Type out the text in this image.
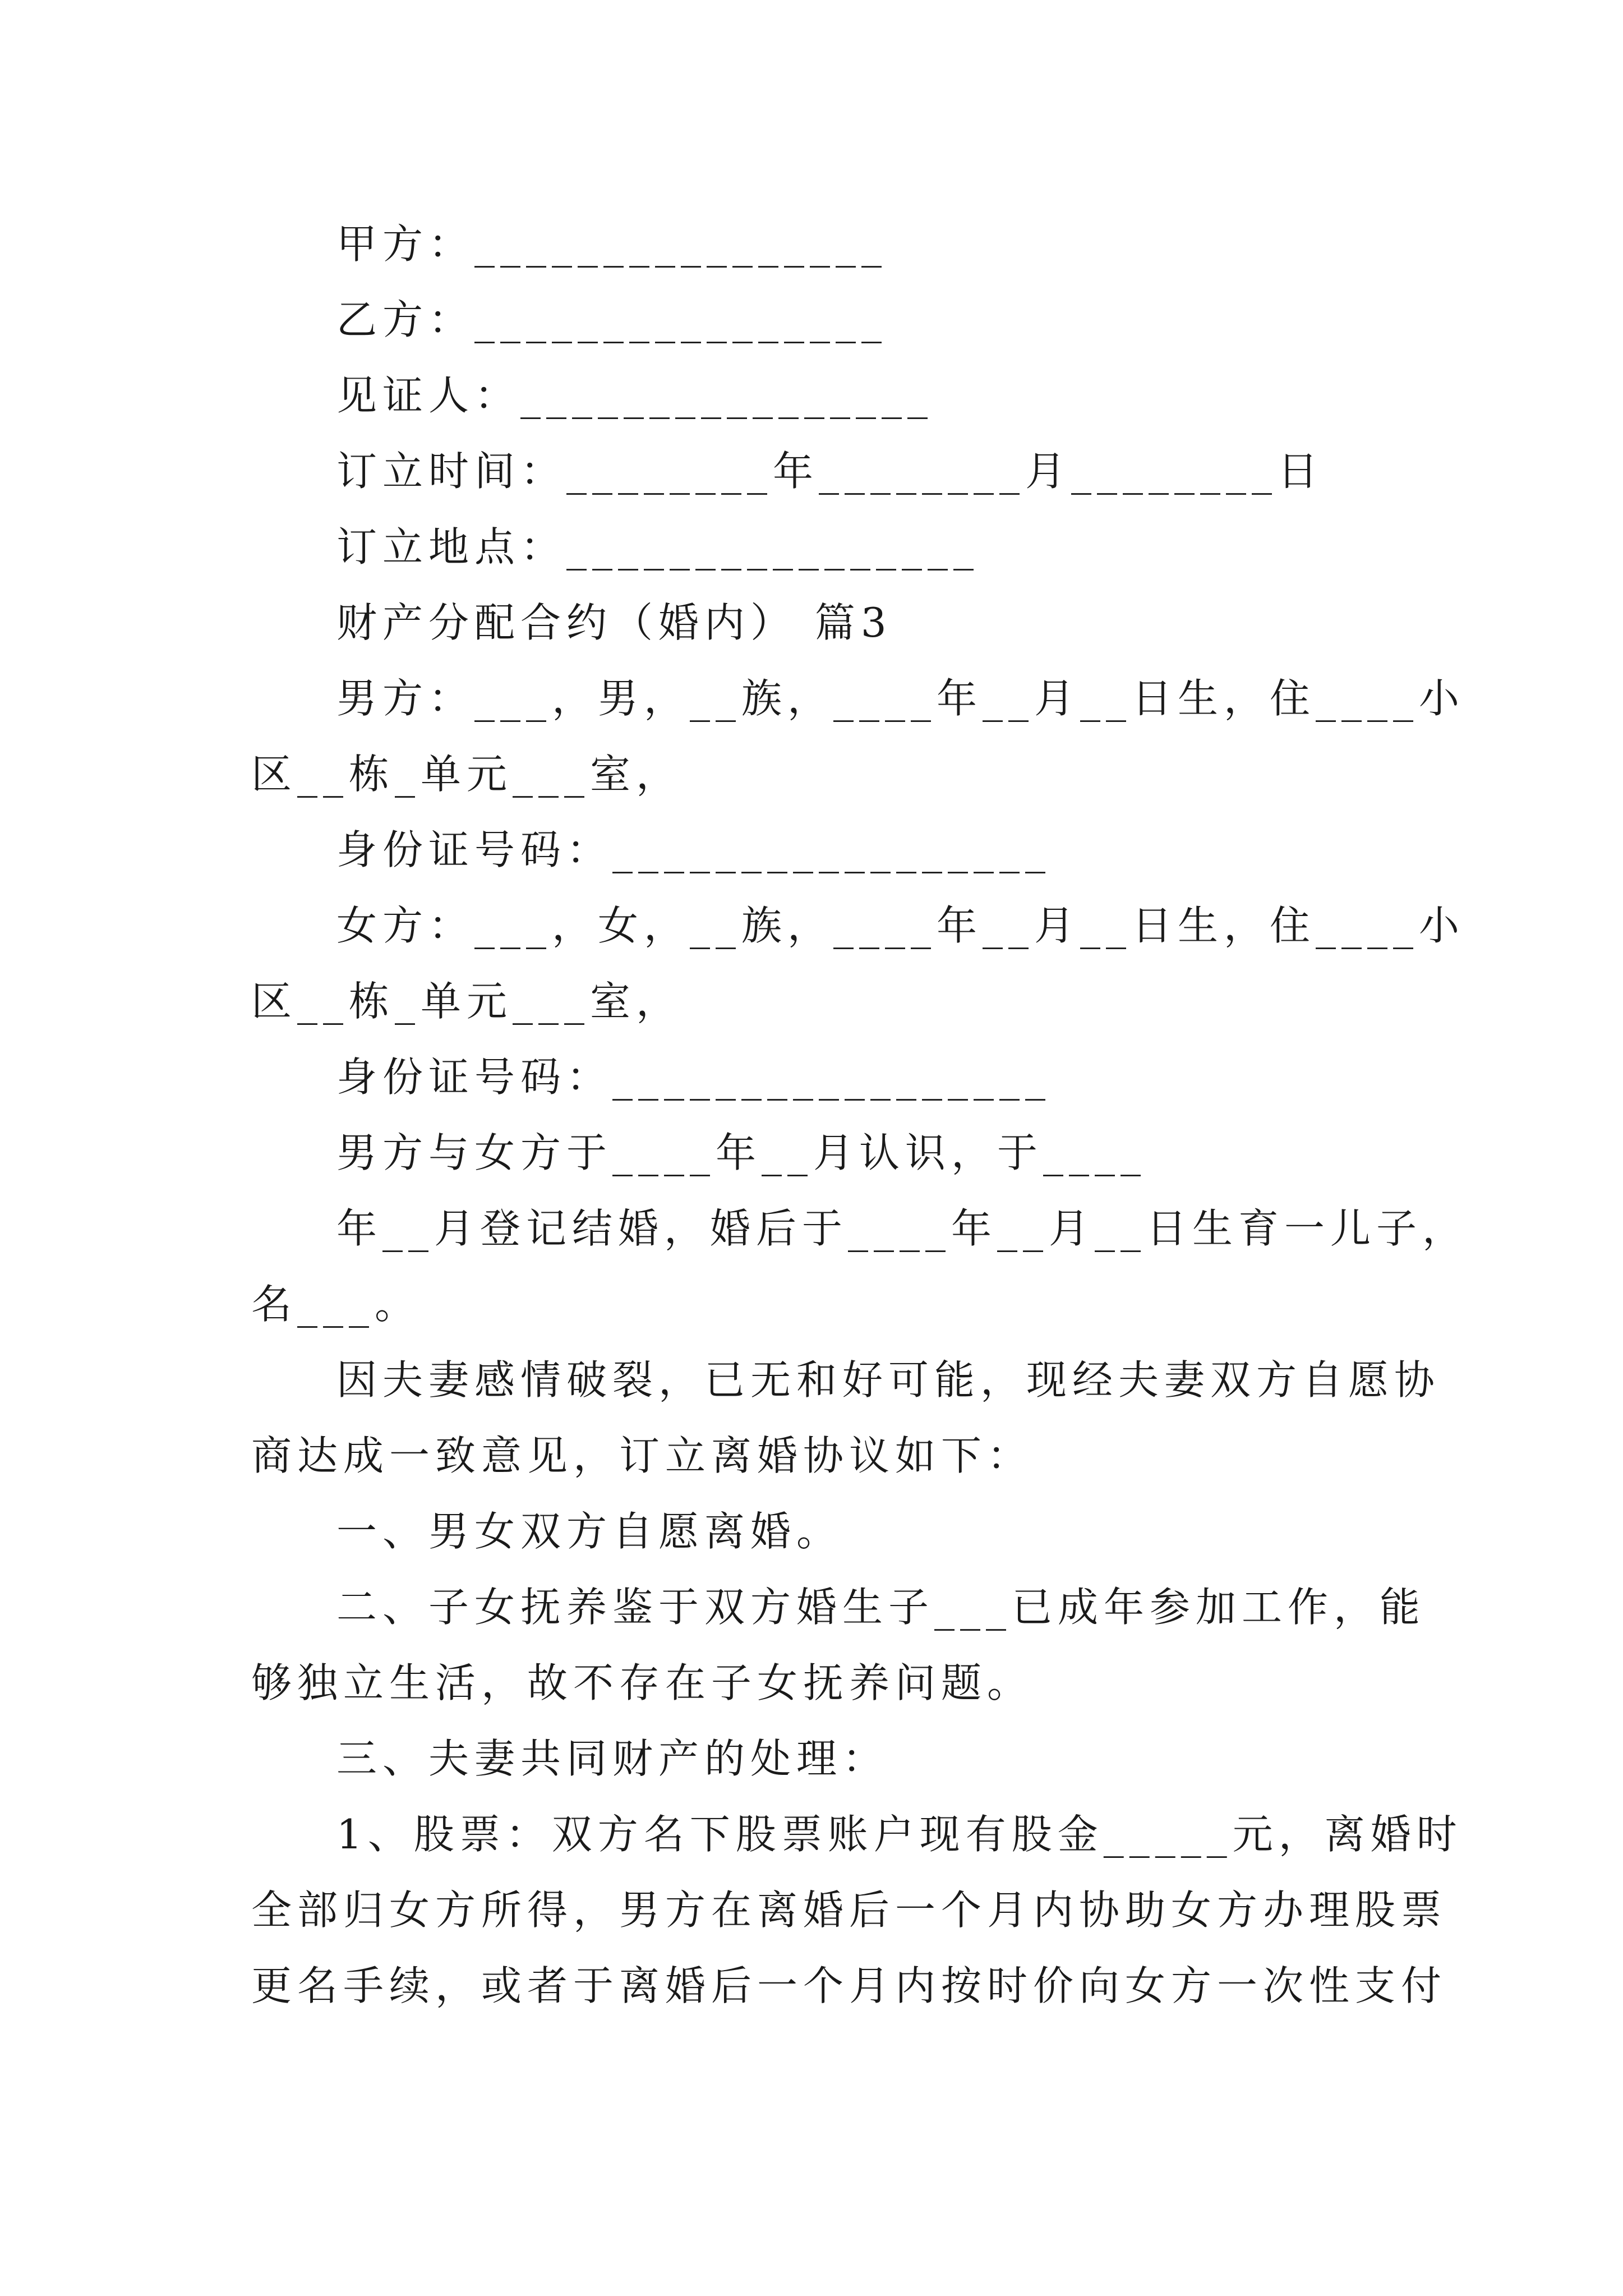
甲方：________________
乙方：________________
见证人：________________
订立时间：________年________月________日
订立地点：________________
财产分配合约（婚内） 篇3
男方：___，男，__族，____年__月__日生，住____小
区__栋_单元___室，
身份证号码：_________________
女方：___，女，__族，____年__月__日生，住____小
区__栋_单元___室，
身份证号码：_________________
男方与女方于____年__月认识，于____
年__月登记结婚，婚后于____年__月__日生育一儿子，
名___。
因夫妻感情破裂，已无和好可能，现经夫妻双方自愿协
商达成一致意见，订立离婚协议如下：
一、男女双方自愿离婚。
二、子女抚养鉴于双方婚生子___已成年参加工作，能
够独立生活，故不存在子女抚养问题。
三、夫妻共同财产的处理：
1、股票：双方名下股票账户现有股金_____元，离婚时
全部归女方所得，男方在离婚后一个月内协助女方办理股票
更名手续，或者于离婚后一个月内按时价向女方一次性支付
